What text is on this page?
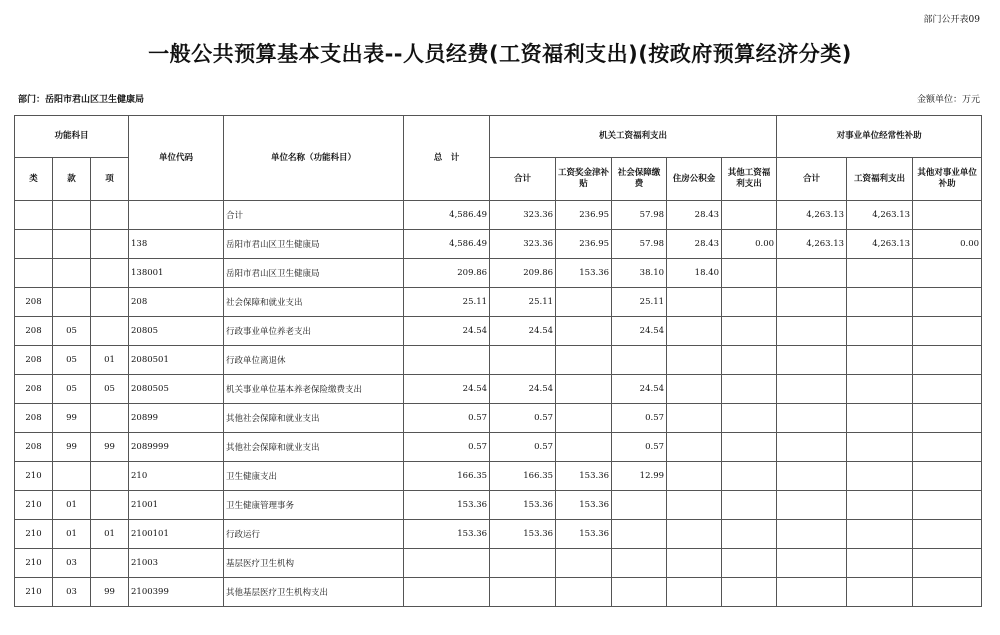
部门公开表09
一般公共预算基本支出表--人员经费(工资福利支出)(按政府预算经济分类)
部门：岳阳市君山区卫生健康局	金额单位：万元
功能科目			单位代码	单位名称（功能科目）	总　计	机关工资福利支出					对事业单位经常性补助		
类	款	项				合计	工资奖金津补贴	社会保障缴费	住房公积金	其他工资福利支出	合计	工资福利支出	其他对事业单位补助
				合计	4,586.49	323.36	236.95	57.98	28.43		4,263.13	4,263.13	
			138	岳阳市君山区卫生健康局	4,586.49	323.36	236.95	57.98	28.43	0.00	4,263.13	4,263.13	0.00
			138001	岳阳市君山区卫生健康局	209.86	209.86	153.36	38.10	18.40				
208			208	社会保障和就业支出	25.11	25.11		25.11					
208	05		20805	行政事业单位养老支出	24.54	24.54		24.54					
208	05	01	2080501	行政单位离退休									
208	05	05	2080505	机关事业单位基本养老保险缴费支出	24.54	24.54		24.54					
208	99		20899	其他社会保障和就业支出	0.57	0.57		0.57					
208	99	99	2089999	其他社会保障和就业支出	0.57	0.57		0.57					
210			210	卫生健康支出	166.35	166.35	153.36	12.99					
210	01		21001	卫生健康管理事务	153.36	153.36	153.36						
210	01	01	2100101	行政运行	153.36	153.36	153.36						
210	03		21003	基层医疗卫生机构									
210	03	99	2100399	其他基层医疗卫生机构支出									
